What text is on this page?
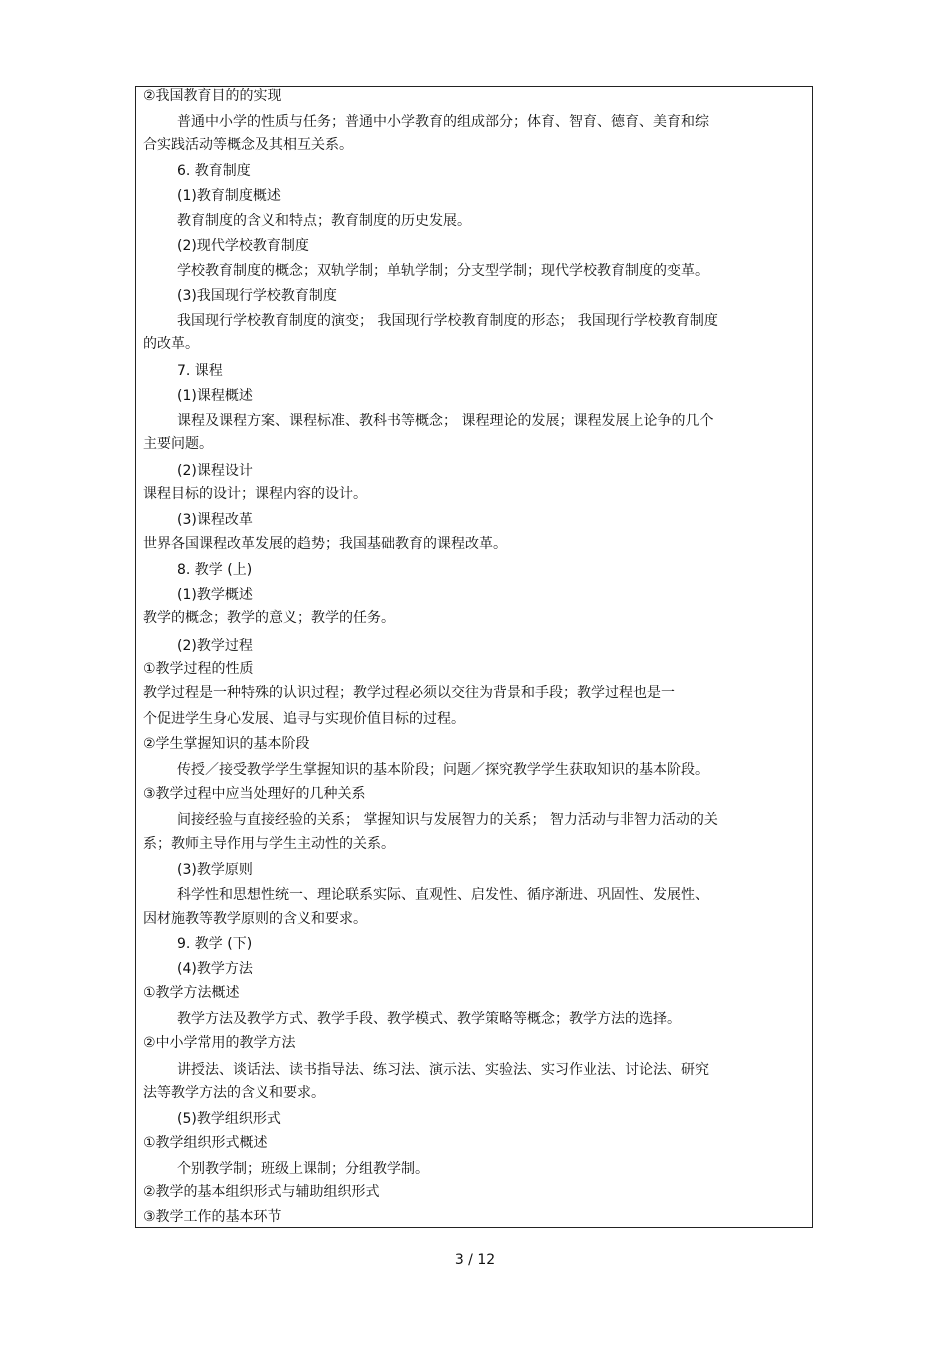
②我国教育目的的实现
普通中小学的性质与任务；普通中小学教育的组成部分；体育、智育、德育、美育和综
合实践活动等概念及其相互关系。
6. 教育制度
(1)教育制度概述
教育制度的含义和特点；教育制度的历史发展。
(2)现代学校教育制度
学校教育制度的概念；双轨学制；单轨学制；分支型学制；现代学校教育制度的变革。
(3)我国现行学校教育制度
我国现行学校教育制度的演变； 我国现行学校教育制度的形态； 我国现行学校教育制度
的改革。
7. 课程
(1)课程概述
课程及课程方案、课程标准、教科书等概念； 课程理论的发展；课程发展上论争的几个
主要问题。
(2)课程设计
课程目标的设计；课程内容的设计。
(3)课程改革
世界各国课程改革发展的趋势；我国基础教育的课程改革。
8. 教学 (上)
(1)教学概述
教学的概念；教学的意义；教学的任务。
(2)教学过程
①教学过程的性质
教学过程是一种特殊的认识过程；教学过程必须以交往为背景和手段；教学过程也是一
个促进学生身心发展、追寻与实现价值目标的过程。
②学生掌握知识的基本阶段
传授／接受教学学生掌握知识的基本阶段；问题／探究教学学生获取知识的基本阶段。
③教学过程中应当处理好的几种关系
间接经验与直接经验的关系； 掌握知识与发展智力的关系； 智力活动与非智力活动的关
系；教师主导作用与学生主动性的关系。
(3)教学原则
科学性和思想性统一、理论联系实际、直观性、启发性、循序渐进、巩固性、发展性、
因材施教等教学原则的含义和要求。
9. 教学 (下)
(4)教学方法
①教学方法概述
教学方法及教学方式、教学手段、教学模式、教学策略等概念；教学方法的选择。
②中小学常用的教学方法
讲授法、谈话法、读书指导法、练习法、演示法、实验法、实习作业法、讨论法、研究
法等教学方法的含义和要求。
(5)教学组织形式
①教学组织形式概述
个别教学制；班级上课制；分组教学制。
②教学的基本组织形式与辅助组织形式
③教学工作的基本环节
3 / 12
